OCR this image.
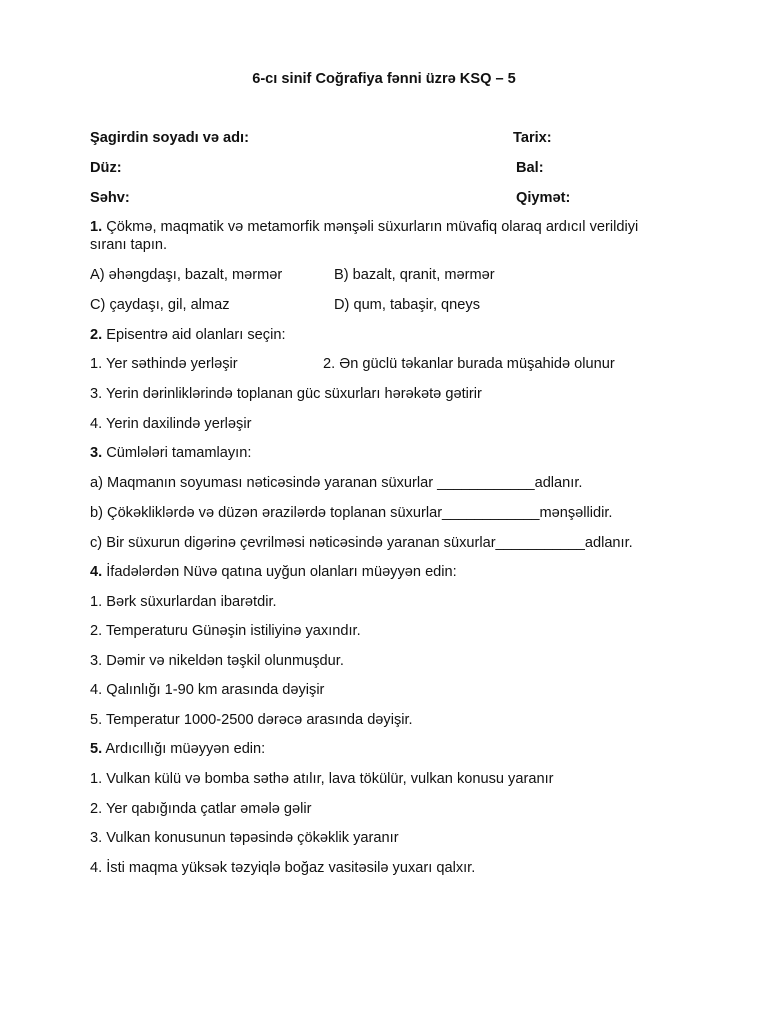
6-cı sinif Coğrafiya fənni üzrə KSQ – 5
Şagirdin soyadı və adı:	Tarix:
Düz:	Bal:
Səhv:	Qiymət:
1. Çökmə, maqmatik və metamorfik mənşəli süxurların müvafiq olaraq ardıcıl verildiyi sıranı tapın.
A) əhəngdaşı, bazalt, mərmər	B) bazalt, qranit, mərmər
C) çaydaşı, gil, almaz	D) qum, tabaşir, qneys
2. Episentrə aid olanları seçin:
1. Yer səthində yerləşir	2. Ən güclü təkanlar burada müşahidə olunur
3. Yerin dərinliklərində toplanan güc süxurları hərəkətə gətirir
4. Yerin daxilində yerləşir
3. Cümlələri tamamlayın:
a) Maqmanın soyuması nəticəsində yaranan süxurlar ____________adlanır.
b) Çökəkliklərdə və düzən ərazilərdə toplanan süxurlar____________mənşəllidir.
c) Bir süxurun digərinə çevrilməsi nəticəsində yaranan süxurlar___________adlanır.
4. İfadələrdən Nüvə qatına uyğun olanları müəyyən edin:
1. Bərk süxurlardan ibarətdir.
2. Temperaturu Günəşin istiliyinə yaxındır.
3. Dəmir və nikeldən təşkil olunmuşdur.
4. Qalınlığı 1-90 km arasında dəyişir
5. Temperatur 1000-2500 dərəcə arasında dəyişir.
5. Ardıcıllığı müəyyən edin:
1. Vulkan külü və bomba səthə atılır, lava tökülür, vulkan konusu yaranır
2. Yer qabığında çatlar əmələ gəlir
3. Vulkan konusunun təpəsində çökəklik yaranır
4. İsti maqma yüksək təzyiqlə boğaz vasitəsilə yuxarı qalxır.
